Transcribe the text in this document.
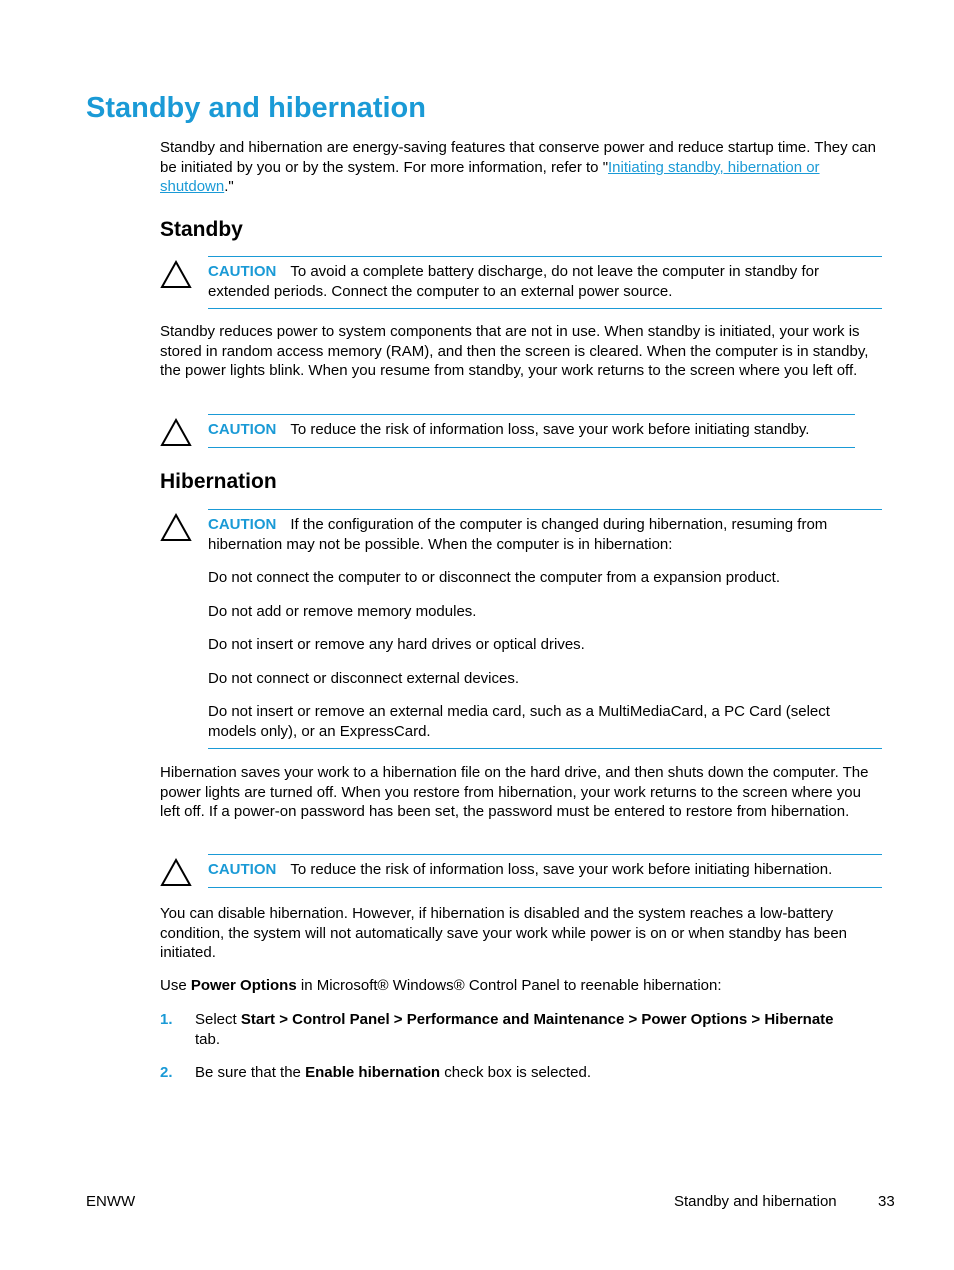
Standby and hibernation

Standby and hibernation are energy-saving features that conserve power and reduce startup time. They can be initiated by you or by the system. For more information, refer to "Initiating standby, hibernation or shutdown."

Standby

CAUTION To avoid a complete battery discharge, do not leave the computer in standby for extended periods. Connect the computer to an external power source.

Standby reduces power to system components that are not in use. When standby is initiated, your work is stored in random access memory (RAM), and then the screen is cleared. When the computer is in standby, the power lights blink. When you resume from standby, your work returns to the screen where you left off.

CAUTION To reduce the risk of information loss, save your work before initiating standby.

Hibernation

CAUTION If the configuration of the computer is changed during hibernation, resuming from hibernation may not be possible. When the computer is in hibernation:

Do not connect the computer to or disconnect the computer from a expansion product.

Do not add or remove memory modules.

Do not insert or remove any hard drives or optical drives.

Do not connect or disconnect external devices.

Do not insert or remove an external media card, such as a MultiMediaCard, a PC Card (select models only), or an ExpressCard.

Hibernation saves your work to a hibernation file on the hard drive, and then shuts down the computer. The power lights are turned off. When you restore from hibernation, your work returns to the screen where you left off. If a power-on password has been set, the password must be entered to restore from hibernation.

CAUTION To reduce the risk of information loss, save your work before initiating hibernation.

You can disable hibernation. However, if hibernation is disabled and the system reaches a low-battery condition, the system will not automatically save your work while power is on or when standby has been initiated.

Use Power Options in Microsoft® Windows® Control Panel to reenable hibernation:

1. Select Start > Control Panel > Performance and Maintenance > Power Options > Hibernate tab.
2. Be sure that the Enable hibernation check box is selected.
ENWW	Standby and hibernation	33
